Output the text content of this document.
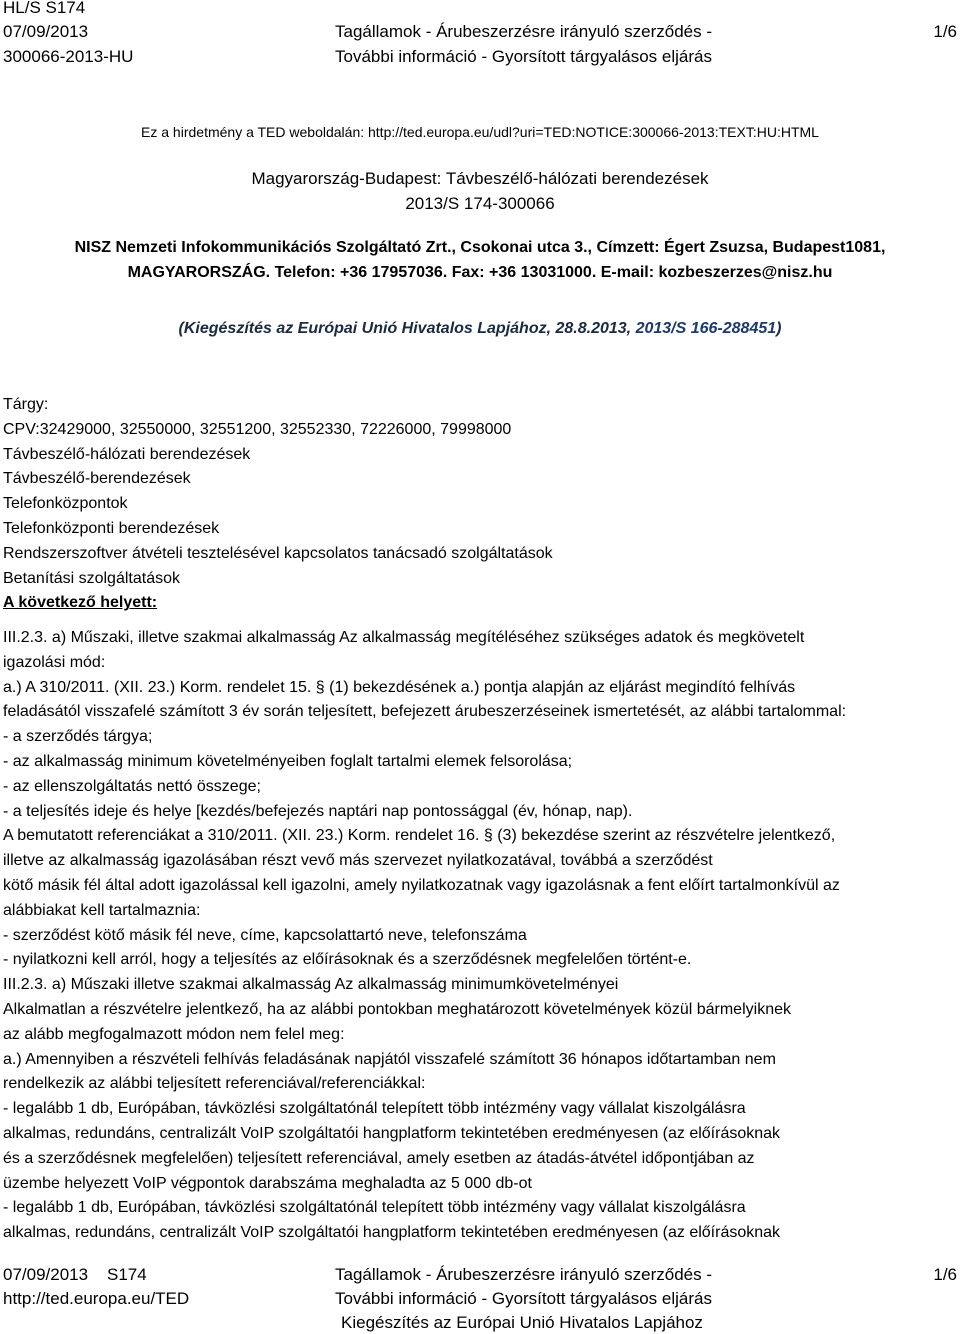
HL/S S174
07/09/2013
300066-2013-HU
Tagállamok - Árubeszerzésre irányuló szerződés -
További információ - Gyorsított tárgyalásos eljárás
1/6
Ez a hirdetmény a TED weboldalán: http://ted.europa.eu/udl?uri=TED:NOTICE:300066-2013:TEXT:HU:HTML
Magyarország-Budapest: Távbeszélő-hálózati berendezések
2013/S 174-300066
NISZ Nemzeti Infokommunikációs Szolgáltató Zrt., Csokonai utca 3., Címzett: Égert Zsuzsa, Budapest1081,
MAGYARORSZÁG. Telefon: +36 17957036. Fax: +36 13031000. E-mail: kozbeszerzes@nisz.hu
(Kiegészítés az Európai Unió Hivatalos Lapjához, 28.8.2013, 2013/S 166-288451)
Tárgy:
CPV:32429000, 32550000, 32551200, 32552330, 72226000, 79998000
Távbeszélő-hálózati berendezések
Távbeszélő-berendezések
Telefonközpontok
Telefonközponti berendezések
Rendszerszoftver átvételi tesztelésével kapcsolatos tanácsadó szolgáltatások
Betanítási szolgáltatások
A következő helyett:
III.2.3. a) Műszaki, illetve szakmai alkalmasság Az alkalmasság megítéléséhez szükséges adatok és megkövetelt
igazolási mód:
a.) A 310/2011. (XII. 23.) Korm. rendelet 15. § (1) bekezdésének a.) pontja alapján az eljárást megindító felhívás
feladásától visszafelé számított 3 év során teljesített, befejezett árubeszerzéseinek ismertetését, az alábbi tartalommal:
- a szerződés tárgya;
- az alkalmasság minimum követelményeiben foglalt tartalmi elemek felsorolása;
- az ellenszolgáltatás nettó összege;
- a teljesítés ideje és helye [kezdés/befejezés naptári nap pontossággal (év, hónap, nap).
A bemutatott referenciákat a 310/2011. (XII. 23.) Korm. rendelet 16. § (3) bekezdése szerint az részvételre jelentkező,
illetve az alkalmasság igazolásában részt vevő más szervezet nyilatkozatával, továbbá a szerződést
kötő másik fél által adott igazolással kell igazolni, amely nyilatkozatnak vagy igazolásnak a fent előírt tartalmonkívül az
alábbiakat kell tartalmaznia:
- szerződést kötő másik fél neve, címe, kapcsolattartó neve, telefonszáma
- nyilatkozni kell arról, hogy a teljesítés az előírásoknak és a szerződésnek megfelelően történt-e.
III.2.3. a) Műszaki illetve szakmai alkalmasság Az alkalmasság minimumkövetelményei
Alkalmatlan a részvételre jelentkező, ha az alábbi pontokban meghatározott követelmények közül bármelyiknek
az alább megfogalmazott módon nem felel meg:
a.) Amennyiben a részvételi felhívás feladásának napjától visszafelé számított 36 hónapos időtartamban nem
rendelkezik az alábbi teljesített referenciával/referenciákkal:
- legalább 1 db, Európában, távközlési szolgáltatónál telepített több intézmény vagy vállalat kiszolgálásra
alkalmas, redundáns, centralizált VoIP szolgáltatói hangplatform tekintetében eredményesen (az előírásoknak
és a szerződésnek megfelelően) teljesített referenciával, amely esetben az átadás-átvétel időpontjában az
üzembe helyezett VoIP végpontok darabszáma meghaladta az 5 000 db-ot
- legalább 1 db, Európában, távközlési szolgáltatónál telepített több intézmény vagy vállalat kiszolgálásra
alkalmas, redundáns, centralizált VoIP szolgáltatói hangplatform tekintetében eredményesen (az előírásoknak
07/09/2013    S174
http://ted.europa.eu/TED
Tagállamok - Árubeszerzésre irányuló szerződés -
További információ - Gyorsított tárgyalásos eljárás
Kiegészítés az Európai Unió Hivatalos Lapjához
1/6
